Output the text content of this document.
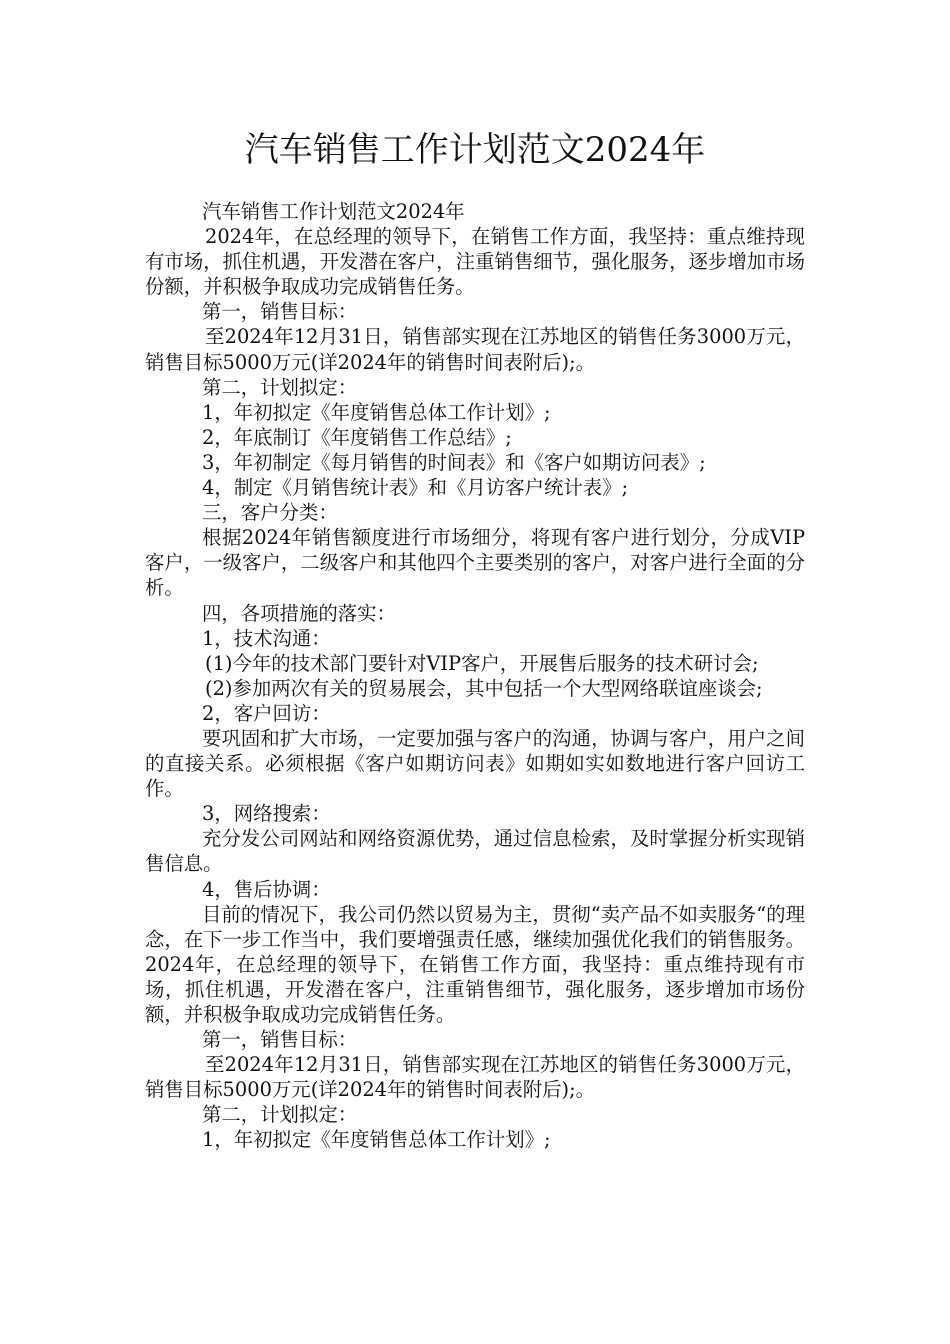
汽车销售工作计划范文2024年

汽车销售工作计划范文2024年

2024年，在总经理的领导下，在销售工作方面，我坚持：重点维持现有市场，抓住机遇，开发潜在客户，注重销售细节，强化服务，逐步增加市场份额，并积极争取成功完成销售任务。

第一，销售目标：

至2024年12月31日，销售部实现在江苏地区的销售任务3000万元，销售目标5000万元(详2024年的销售时间表附后);。

第二，计划拟定：

1，年初拟定《年度销售总体工作计划》;

2，年底制订《年度销售工作总结》;

3，年初制定《每月销售的时间表》和《客户如期访问表》;

4，制定《月销售统计表》和《月访客户统计表》;

三，客户分类：

根据2024年销售额度进行市场细分，将现有客户进行划分，分成VIP客户，一级客户，二级客户和其他四个主要类别的客户，对客户进行全面的分析。

四，各项措施的落实：

1，技术沟通：

(1)今年的技术部门要针对VIP客户，开展售后服务的技术研讨会;

(2)参加两次有关的贸易展会，其中包括一个大型网络联谊座谈会;

2，客户回访：

要巩固和扩大市场，一定要加强与客户的沟通，协调与客户，用户之间的直接关系。必须根据《客户如期访问表》如期如实如数地进行客户回访工作。

3，网络搜索：

充分发公司网站和网络资源优势，通过信息检索，及时掌握分析实现销售信息。

4，售后协调：

目前的情况下，我公司仍然以贸易为主，贯彻“卖产品不如卖服务“的理念，在下一步工作当中，我们要增强责任感，继续加强优化我们的销售服务。 2024年，在总经理的领导下，在销售工作方面，我坚持：重点维持现有市场，抓住机遇，开发潜在客户，注重销售细节，强化服务，逐步增加市场份额，并积极争取成功完成销售任务。

第一，销售目标：

至2024年12月31日，销售部实现在江苏地区的销售任务3000万元，销售目标5000万元(详2024年的销售时间表附后);。

第二，计划拟定：

1，年初拟定《年度销售总体工作计划》;
